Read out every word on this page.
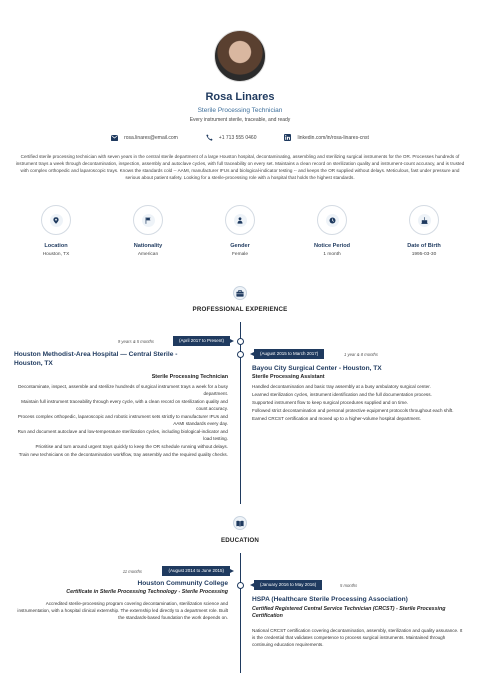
Rosa Linares
Sterile Processing Technician
Every instrument sterile, traceable, and ready
rosa.linares@email.com	+1 713 555 0460	linkedin.com/in/rosa-linares-cnst
Certified sterile processing technician with seven years in the central sterile department of a large Houston hospital, decontaminating, assembling and sterilizing surgical instruments for the OR. Processes hundreds of instrument trays a week through decontamination, inspection, assembly and autoclave cycles, with full traceability on every set. Maintains a clean record on sterilization quality and instrument-count accuracy, and is trusted with complex orthopedic and laparoscopic trays. Knows the standards cold -- AAMI, manufacturer IFUs and biological-indicator testing -- and keeps the OR supplied without delays. Meticulous, fast under pressure and serious about patient safety. Looking for a sterile-processing role with a hospital that holds the highest standards.
Location
Houston, TX
Nationality
American
Gender
Female
Notice Period
1 month
Date of Birth
1995-03-30
PROFESSIONAL EXPERIENCE
9 years & 5 months	(April 2017 to Present)
Houston Methodist-Area Hospital — Central Sterile - Houston, TX
Sterile Processing Technician
Decontaminate, inspect, assemble and sterilize hundreds of surgical instrument trays a week for a busy department.
Maintain full instrument traceability through every cycle, with a clean record on sterilization quality and count accuracy.
Process complex orthopedic, laparoscopic and robotic instrument sets strictly to manufacturer IFUs and AAMI standards every day.
Run and document autoclave and low-temperature sterilization cycles, including biological-indicator and load testing.
Prioritise and turn around urgent trays quickly to keep the OR schedule running without delays.
Train new technicians on the decontamination workflow, tray assembly and the required quality checks.
(August 2015 to March 2017)	1 year & 8 months
Bayou City Surgical Center - Houston, TX
Sterile Processing Assistant
Handled decontamination and basic tray assembly at a busy ambulatory surgical center.
Learned sterilization cycles, instrument identification and the full documentation process.
Supported instrument flow to keep surgical procedures supplied and on time.
Followed strict decontamination and personal protective equipment protocols throughout each shift.
Earned CRCST certification and moved up to a higher-volume hospital department.
EDUCATION
11 months	(August 2014 to June 2015)
Houston Community College
Certificate in Sterile Processing Technology - Sterile Processing
Accredited sterile-processing program covering decontamination, sterilization science and instrumentation, with a hospital clinical externship. The externship led directly to a department role. Built the standards-based foundation the work depends on.
(January 2016 to May 2016)	5 months
HSPA (Healthcare Sterile Processing Association)
Certified Registered Central Service Technician (CRCST) - Sterile Processing Certification
National CRCST certification covering decontamination, assembly, sterilization and quality assurance. It is the credential that validates competence to process surgical instruments. Maintained through continuing education requirements.
